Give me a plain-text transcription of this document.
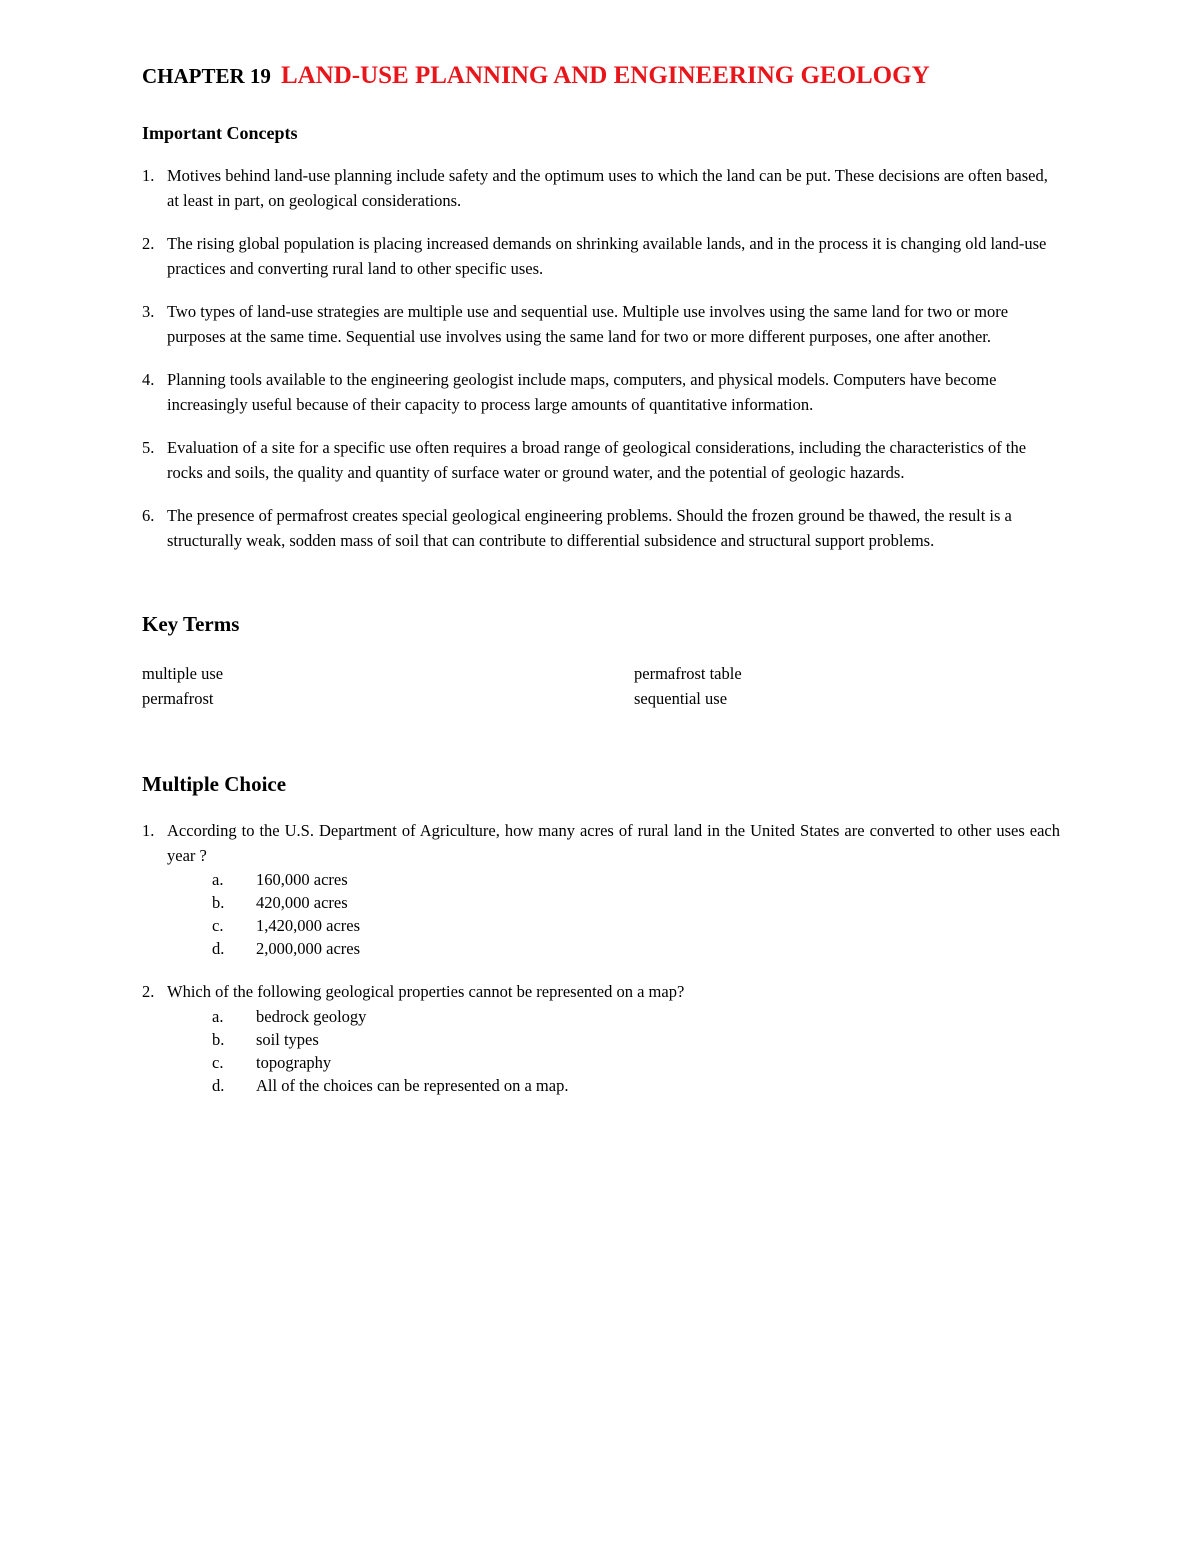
CHAPTER 19 LAND-USE PLANNING AND ENGINEERING GEOLOGY
Important Concepts
1. Motives behind land-use planning include safety and the optimum uses to which the land can be put. These decisions are often based, at least in part, on geological considerations.
2. The rising global population is placing increased demands on shrinking available lands, and in the process it is changing old land-use practices and converting rural land to other specific uses.
3. Two types of land-use strategies are multiple use and sequential use. Multiple use involves using the same land for two or more purposes at the same time. Sequential use involves using the same land for two or more different purposes, one after another.
4. Planning tools available to the engineering geologist include maps, computers, and physical models. Computers have become increasingly useful because of their capacity to process large amounts of quantitative information.
5. Evaluation of a site for a specific use often requires a broad range of geological considerations, including the characteristics of the rocks and soils, the quality and quantity of surface water or ground water, and the potential of geologic hazards.
6. The presence of permafrost creates special geological engineering problems. Should the frozen ground be thawed, the result is a structurally weak, sodden mass of soil that can contribute to differential subsidence and structural support problems.
Key Terms
multiple use	permafrost table
permafrost	sequential use
Multiple Choice
1. According to the U.S. Department of Agriculture, how many acres of rural land in the United States are converted to other uses each year ?
a. 160,000 acres
b. 420,000 acres
c. 1,420,000 acres
d. 2,000,000 acres
2. Which of the following geological properties cannot be represented on a map?
a. bedrock geology
b. soil types
c. topography
d. All of the choices can be represented on a map.
